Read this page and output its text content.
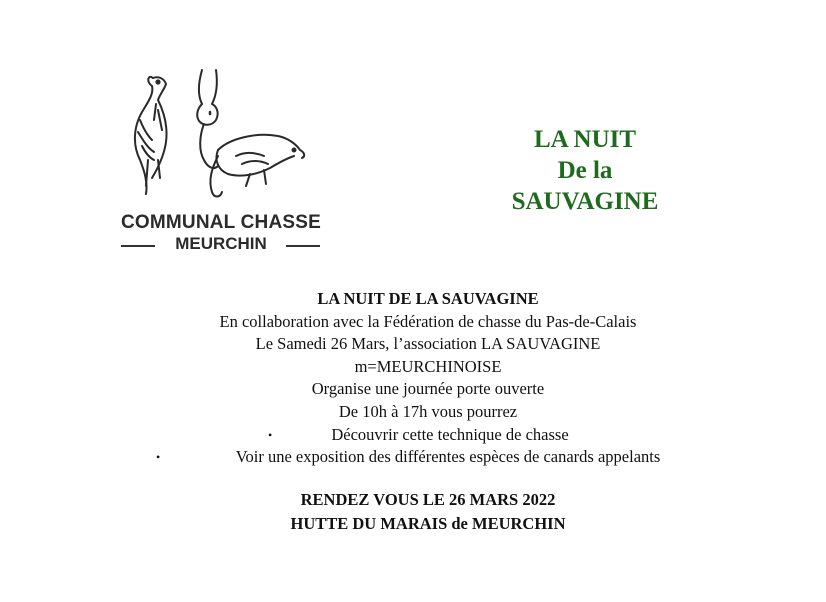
COMMUNAL CHASSE
MEURCHIN
LA NUIT
De la
SAUVAGINE
LA NUIT DE LA SAUVAGINE
En collaboration avec la Fédération de chasse du Pas-de-Calais
Le Samedi 26 Mars, l’association LA SAUVAGINE
m=MEURCHINOISE
Organise une journée porte ouverte
De 10h à 17h vous pourrez
•	Découvrir cette technique de chasse
•	Voir une exposition des différentes espèces de canards appelants
RENDEZ VOUS LE 26 MARS 2022
HUTTE DU MARAIS de MEURCHIN
